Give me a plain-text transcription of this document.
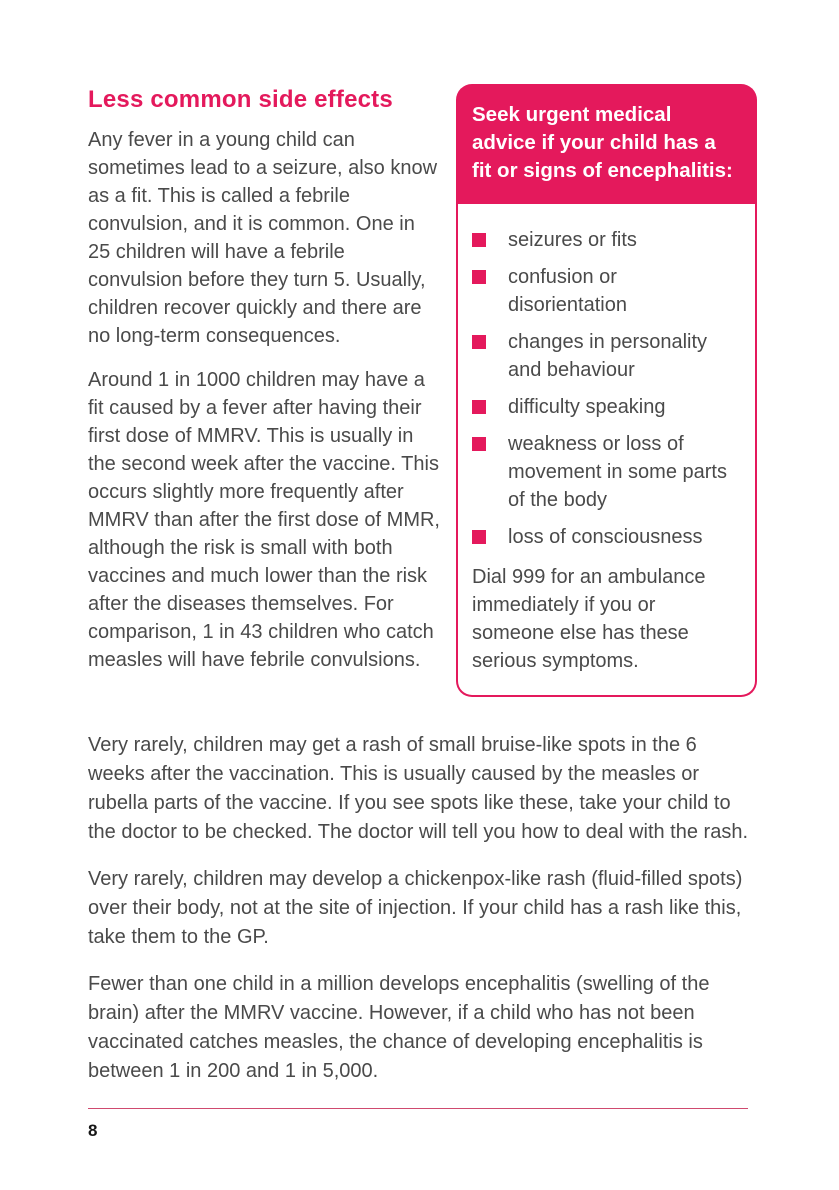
Less common side effects

Any fever in a young child can sometimes lead to a seizure, also know as a fit. This is called a febrile convulsion, and it is common. One in 25 children will have a febrile convulsion before they turn 5. Usually, children recover quickly and there are no long-term consequences.

Around 1 in 1000 children may have a fit caused by a fever after having their first dose of MMRV. This is usually in the second week after the vaccine. This occurs slightly more frequently after MMRV than after the first dose of MMR, although the risk is small with both vaccines and much lower than the risk after the diseases themselves. For comparison, 1 in 43 children who catch measles will have febrile convulsions.

Seek urgent medical advice if your child has a fit or signs of encephalitis:
seizures or fits
confusion or disorientation
changes in personality and behaviour
difficulty speaking
weakness or loss of movement in some parts of the body
loss of consciousness

Dial 999 for an ambulance immediately if you or someone else has these serious symptoms.

Very rarely, children may get a rash of small bruise-like spots in the 6 weeks after the vaccination. This is usually caused by the measles or rubella parts of the vaccine. If you see spots like these, take your child to the doctor to be checked. The doctor will tell you how to deal with the rash.

Very rarely, children may develop a chickenpox-like rash (fluid-filled spots) over their body, not at the site of injection. If your child has a rash like this, take them to the GP.

Fewer than one child in a million develops encephalitis (swelling of the brain) after the MMRV vaccine. However, if a child who has not been vaccinated catches measles, the chance of developing encephalitis is between 1 in 200 and 1 in 5,000.

8
